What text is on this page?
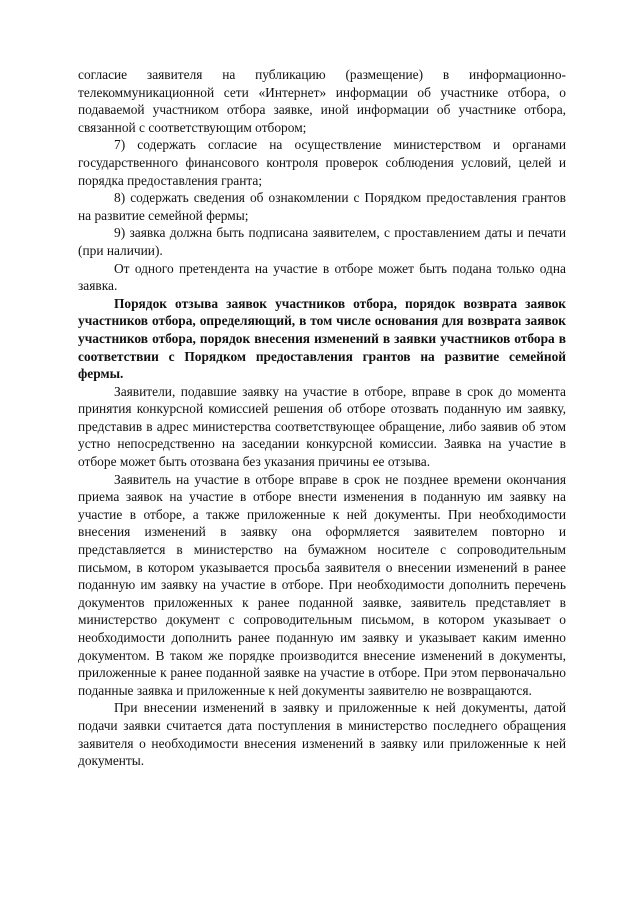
согласие заявителя на публикацию (размещение) в информационно-телекоммуникационной сети «Интернет» информации об участнике отбора, о подаваемой участником отбора заявке, иной информации об участнике отбора, связанной с соответствующим отбором;

7) содержать согласие на осуществление министерством и органами государственного финансового контроля проверок соблюдения условий, целей и порядка предоставления гранта;

8) содержать сведения об ознакомлении с Порядком предоставления грантов на развитие семейной фермы;

9) заявка должна быть подписана заявителем, с проставлением даты и печати (при наличии).

От одного претендента на участие в отборе может быть подана только одна заявка.

Порядок отзыва заявок участников отбора, порядок возврата заявок участников отбора, определяющий, в том числе основания для возврата заявок участников отбора, порядок внесения изменений в заявки участников отбора в соответствии с Порядком предоставления грантов на развитие семейной фермы.

Заявители, подавшие заявку на участие в отборе, вправе в срок до момента принятия конкурсной комиссией решения об отборе отозвать поданную им заявку, представив в адрес министерства соответствующее обращение, либо заявив об этом устно непосредственно на заседании конкурсной комиссии. Заявка на участие в отборе может быть отозвана без указания причины ее отзыва.

Заявитель на участие в отборе вправе в срок не позднее времени окончания приема заявок на участие в отборе внести изменения в поданную им заявку на участие в отборе, а также приложенные к ней документы. При необходимости внесения изменений в заявку она оформляется заявителем повторно и представляется в министерство на бумажном носителе с сопроводительным письмом, в котором указывается просьба заявителя о внесении изменений в ранее поданную им заявку на участие в отборе. При необходимости дополнить перечень документов приложенных к ранее поданной заявке, заявитель представляет в министерство документ с сопроводительным письмом, в котором указывает о необходимости дополнить ранее поданную им заявку и указывает каким именно документом. В таком же порядке производится внесение изменений в документы, приложенные к ранее поданной заявке на участие в отборе. При этом первоначально поданные заявка и приложенные к ней документы заявителю не возвращаются.

При внесении изменений в заявку и приложенные к ней документы, датой подачи заявки считается дата поступления в министерство последнего обращения заявителя о необходимости внесения изменений в заявку или приложенные к ней документы.
